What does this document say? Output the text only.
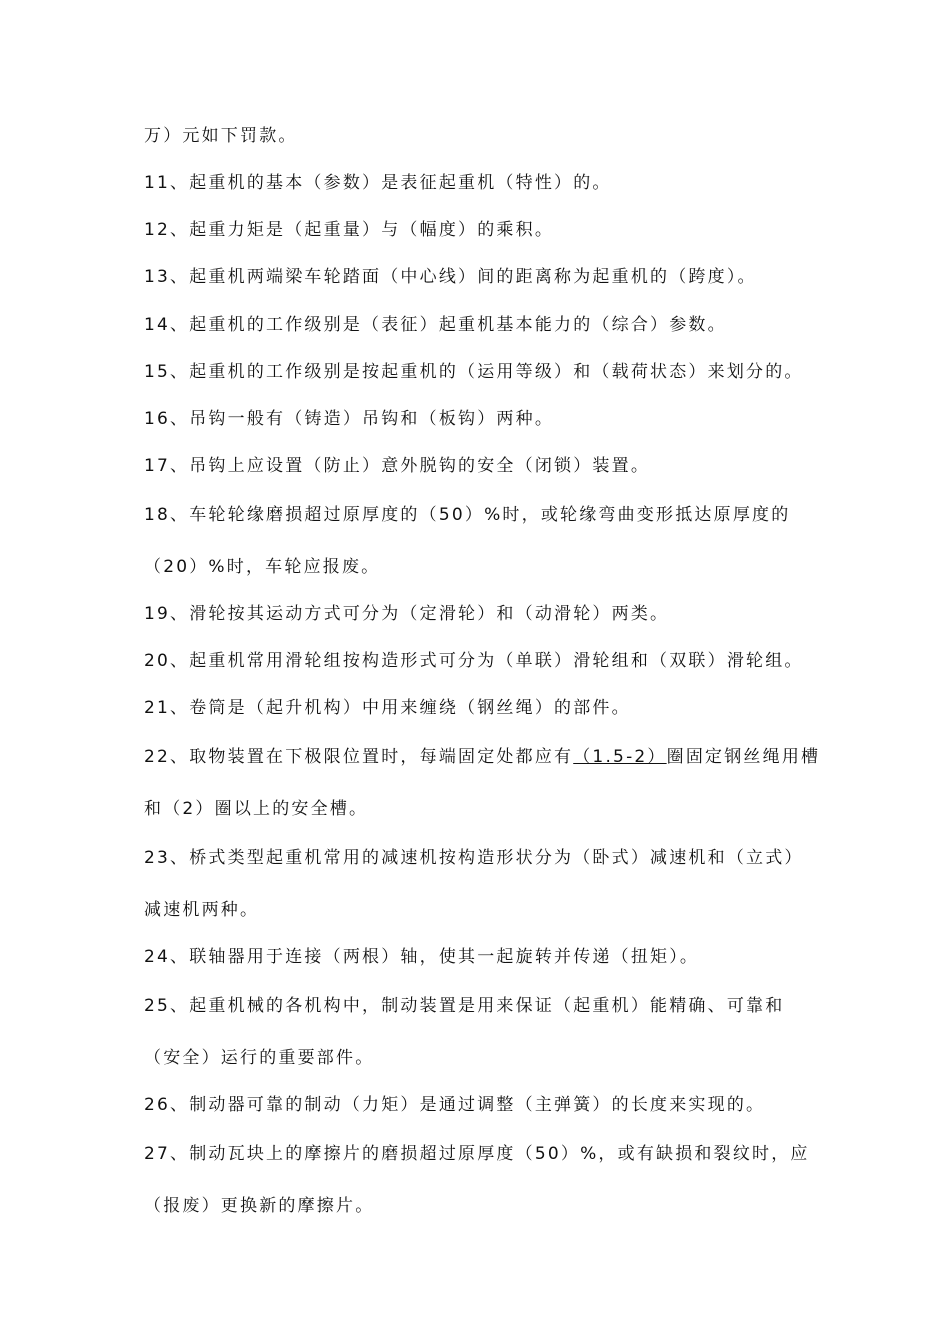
万）元如下罚款。
11、起重机的基本（参数）是表征起重机（特性）的。
12、起重力矩是（起重量）与（幅度）的乘积。
13、起重机两端梁车轮踏面（中心线）间的距离称为起重机的（跨度）。
14、起重机的工作级别是（表征）起重机基本能力的（综合）参数。
15、起重机的工作级别是按起重机的（运用等级）和（载荷状态）来划分的。
16、吊钩一般有（铸造）吊钩和（板钩）两种。
17、吊钩上应设置（防止）意外脱钩的安全（闭锁）装置。
18、车轮轮缘磨损超过原厚度的（50）%时，或轮缘弯曲变形抵达原厚度的
（20）%时，车轮应报废。
19、滑轮按其运动方式可分为（定滑轮）和（动滑轮）两类。
20、起重机常用滑轮组按构造形式可分为（单联）滑轮组和（双联）滑轮组。
21、卷筒是（起升机构）中用来缠绕（钢丝绳）的部件。
22、取物装置在下极限位置时，每端固定处都应有（1.5-2）圈固定钢丝绳用槽
和（2）圈以上的安全槽。
23、桥式类型起重机常用的减速机按构造形状分为（卧式）减速机和（立式）
减速机两种。
24、联轴器用于连接（两根）轴，使其一起旋转并传递（扭矩）。
25、起重机械的各机构中，制动装置是用来保证（起重机）能精确、可靠和
（安全）运行的重要部件。
26、制动器可靠的制动（力矩）是通过调整（主弹簧）的长度来实现的。
27、制动瓦块上的摩擦片的磨损超过原厚度（50）%，或有缺损和裂纹时，应
（报废）更换新的摩擦片。
